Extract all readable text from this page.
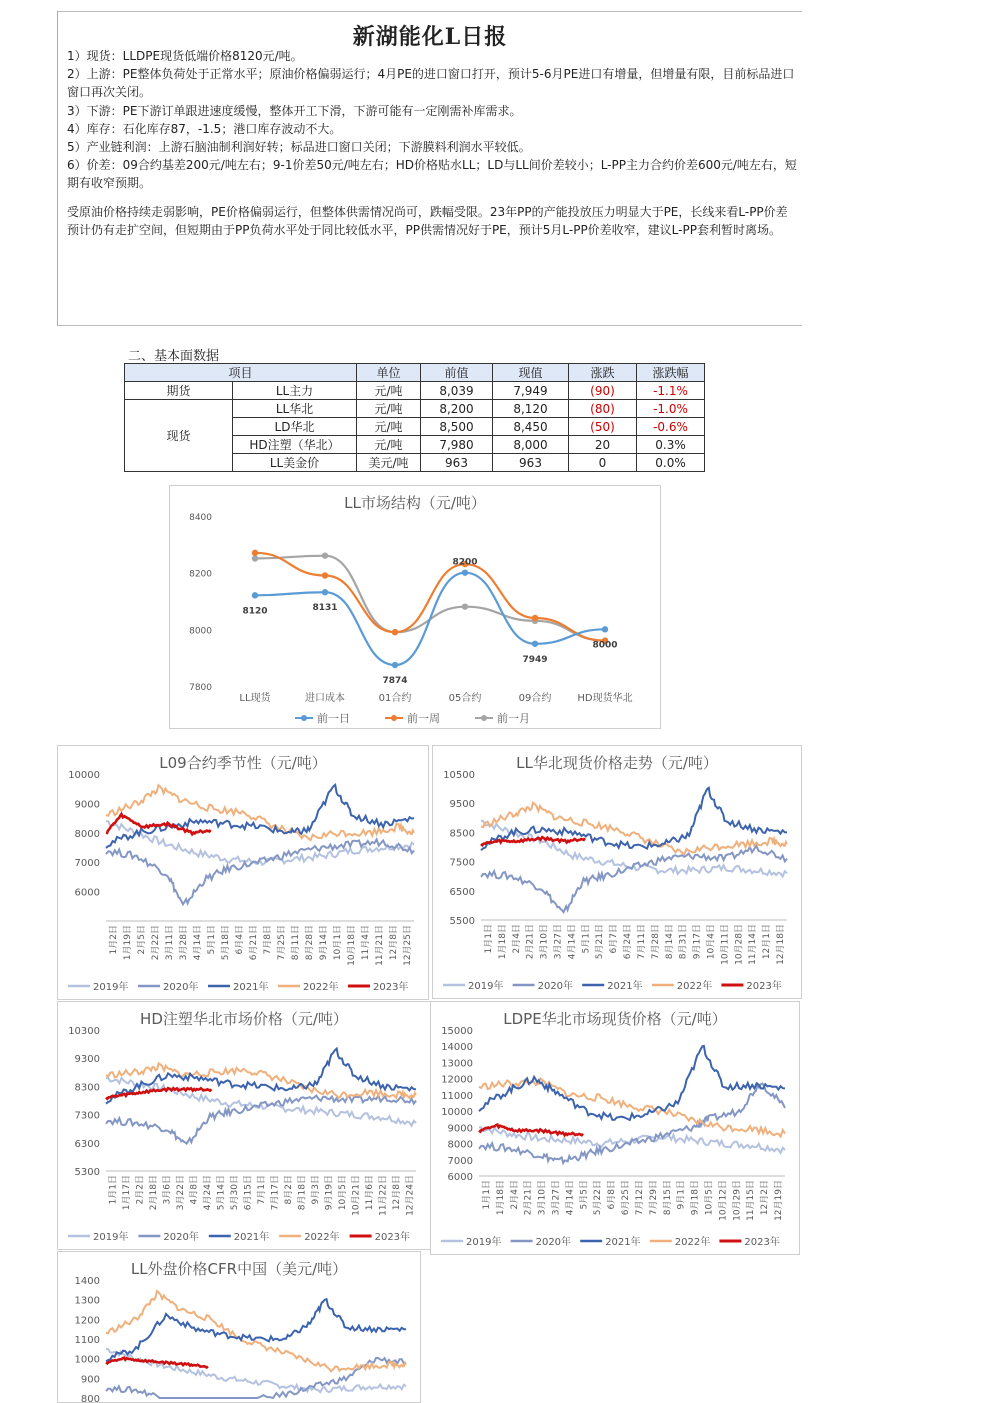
新湖能化L日报

1）现货：LLDPE现货低端价格8120元/吨。

2）上游：PE整体负荷处于正常水平；原油价格偏弱运行；4月PE的进口窗口打开，预计5-6月PE进口有增量，但增量有限，目前标品进口窗口再次关闭。

3）下游：PE下游订单跟进速度缓慢，整体开工下滑，下游可能有一定刚需补库需求。

4）库存：石化库存87，-1.5；港口库存波动不大。

5）产业链利润：上游石脑油制利润好转；标品进口窗口关闭；下游膜料利润水平较低。

6）价差：09合约基差200元/吨左右；9-1价差50元/吨左右；HD价格贴水LL；LD与LL间价差较小；L-PP主力合约价差600元/吨左右，短期有收窄预期。

受原油价格持续走弱影响，PE价格偏弱运行，但整体供需情况尚可，跌幅受限。23年PP的产能投放压力明显大于PE，长线来看L-PP价差预计仍有走扩空间，但短期由于PP负荷水平处于同比较低水平，PP供需情况好于PE，预计5月L-PP价差收窄，建议L-PP套利暂时离场。

二、基本面数据
项目		单位	前值	现值	涨跌	涨跌幅
期货	LL主力	元/吨	8,039	7,949	(90)	-1.1%
现货	LL华北	元/吨	8,200	8,120	(80)	-1.0%
	LD华北	元/吨	8,500	8,450	(50)	-0.6%
	HD注塑（华北）	元/吨	7,980	8,000	20	0.3%
	LL美金价	美元/吨	963	963	0	0.0%
LL市场结构（元/吨）
7800
8000
8200
8400
LL现货	进口成本	01合约	05合约	09合约	HD现货华北
8120	8131
7874
8200
7949
8000
前一日	前一周	前一月
L09合约季节性（元/吨）
6000
7000
8000
9000
10000
1月2日 1月19日 2月5日 2月22日 3月11日 3月28日 4月14日 5月1日 5月18日 6月4日 6月21日 7月8日 7月25日 8月11日 8月28日 9月14日 10月1日 10月18日 11月4日 11月21日 12月8日 12月25日
2019年	2020年	2021年	2022年	2023年
LL华北现货价格走势（元/吨）
5500
6500
7500
8500
9500
10500
1月1日 1月18日 2月4日 2月21日 3月10日 3月27日 4月14日 5月1日 5月21日 6月7日 6月24日 7月11日 7月28日 8月14日 8月31日 9月17日 10月4日 10月11日 10月28日 11月14日 12月1日 12月18日
2019年	2020年	2021年	2022年	2023年
HD注塑华北市场价格（元/吨）
5300
6300
7300
8300
9300
10300
1月1日 1月17日 2月2日 2月18日 3月6日 3月22日 4月8日 4月24日 5月14日 5月30日 6月15日 7月1日 7月17日 8月2日 8月18日 9月3日 9月19日 10月5日 10月21日 11月6日 11月22日 12月8日 12月24日
2019年	2020年	2021年	2022年	2023年
LDPE华北市场现货价格（元/吨）
6000
7000
8000
9000
10000
11000
12000
13000
14000
15000
1月1日 1月18日 2月4日 2月21日 3月10日 3月27日 4月14日 5月5日 5月22日 6月8日 6月25日 7月12日 7月29日 8月15日 9月1日 9月18日 10月5日 10月12日 10月29日 11月15日 12月2日 12月19日
2019年	2020年	2021年	2022年	2023年
LL外盘价格CFR中国（美元/吨）
800
900
1000
1100
1200
1300
1400
